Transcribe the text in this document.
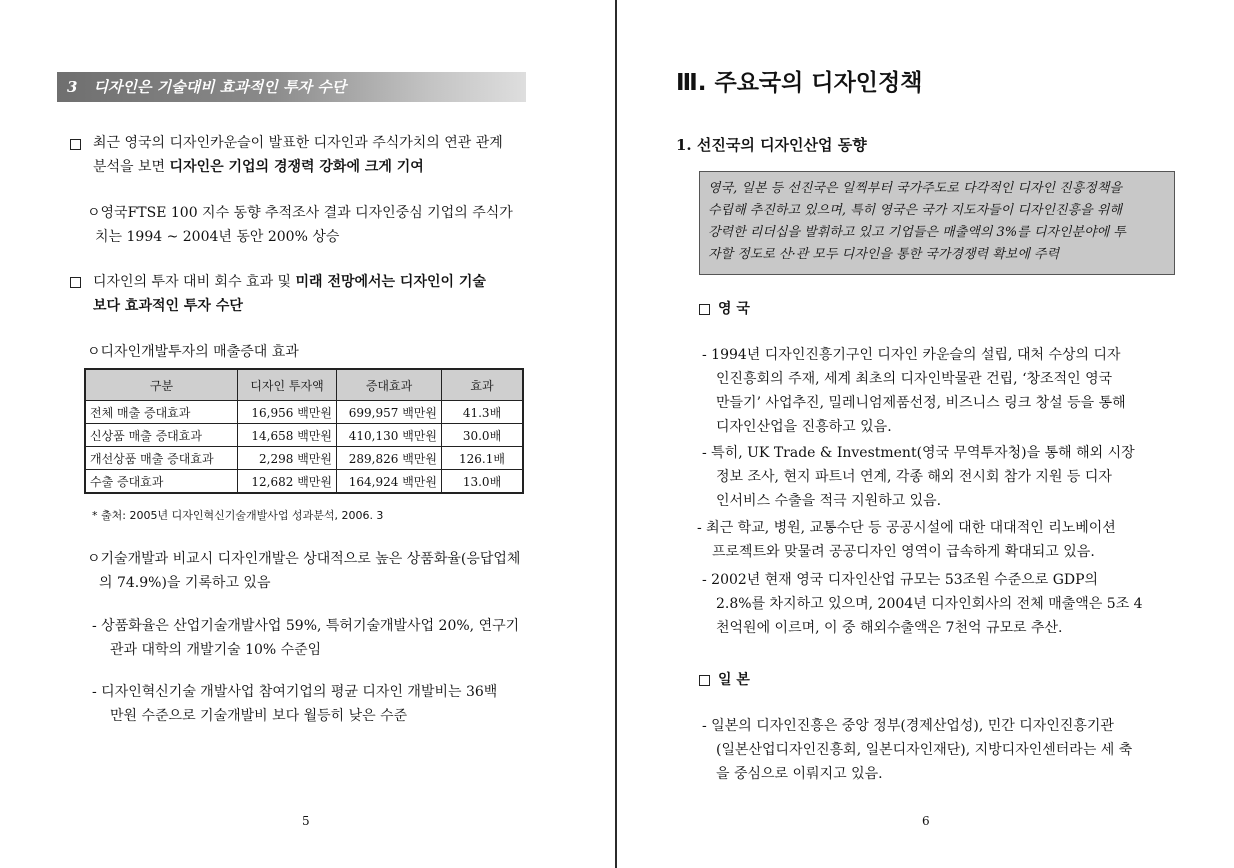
3 디자인은 기술대비 효과적인 투자 수단
최근 영국의 디자인카운슬이 발표한 디자인과 주식가치의 연관 관계
분석을 보면 디자인은 기업의 경쟁력 강화에 크게 기여
ㅇ영국FTSE 100 지수 동향 추적조사 결과 디자인중심 기업의 주식가
치는 1994 ~ 2004년 동안 200% 상승
디자인의 투자 대비 회수 효과 및 미래 전망에서는 디자인이 기술
보다 효과적인 투자 수단
ㅇ디자인개발투자의 매출증대 효과
구분	디자인 투자액	증대효과	효과
전체 매출 증대효과	16,956 백만원	699,957 백만원	41.3배
신상품 매출 증대효과	14,658 백만원	410,130 백만원	30.0배
개선상품 매출 증대효과	2,298 백만원	289,826 백만원	126.1배
수출 증대효과	12,682 백만원	164,924 백만원	13.0배
* 출처: 2005년 디자인혁신기술개발사업 성과분석, 2006. 3
ㅇ기술개발과 비교시 디자인개발은 상대적으로 높은 상품화율(응답업체
의 74.9%)을 기록하고 있음
- 상품화율은 산업기술개발사업 59%, 특허기술개발사업 20%, 연구기
관과 대학의 개발기술 10% 수준임
- 디자인혁신기술 개발사업 참여기업의 평균 디자인 개발비는 36백
만원 수준으로 기술개발비 보다 월등히 낮은 수준
5
Ⅲ. 주요국의 디자인정책
1. 선진국의 디자인산업 동향
영국, 일본 등 선진국은 일찍부터 국가주도로 다각적인 디자인 진흥정책을
수립해 추진하고 있으며, 특히 영국은 국가 지도자들이 디자인진흥을 위해
강력한 리더십을 발휘하고 있고 기업들은 매출액의 3%를 디자인분야에 투
자할 정도로 산·관 모두 디자인을 통한 국가경쟁력 확보에 주력
영 국
- 1994년 디자인진흥기구인 디자인 카운슬의 설립, 대처 수상의 디자
인진흥회의 주재, 세계 최초의 디자인박물관 건립, ‘창조적인 영국
만들기’ 사업추진, 밀레니엄제품선정, 비즈니스 링크 창설 등을 통해
디자인산업을 진흥하고 있음.
- 특히, UK Trade & Investment(영국 무역투자청)을 통해 해외 시장
정보 조사, 현지 파트너 연계, 각종 해외 전시회 참가 지원 등 디자
인서비스 수출을 적극 지원하고 있음.
- 최근 학교, 병원, 교통수단 등 공공시설에 대한 대대적인 리노베이션
프로젝트와 맞물려 공공디자인 영역이 급속하게 확대되고 있음.
- 2002년 현재 영국 디자인산업 규모는 53조원 수준으로 GDP의
2.8%를 차지하고 있으며, 2004년 디자인회사의 전체 매출액은 5조 4
천억원에 이르며, 이 중 해외수출액은 7천억 규모로 추산.
일 본
- 일본의 디자인진흥은 중앙 정부(경제산업성), 민간 디자인진흥기관
(일본산업디자인진흥회, 일본디자인재단), 지방디자인센터라는 세 축
을 중심으로 이뤄지고 있음.
6
